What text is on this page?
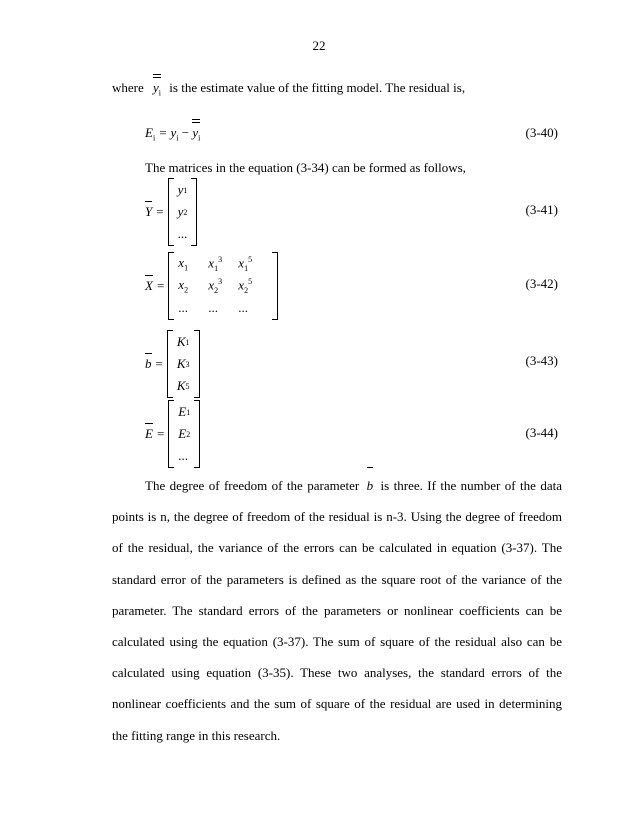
22
where $y_i$ is the estimate value of the fitting model. The residual is,
$E_i = y_i - y_i$	(3-40)
The matrices in the equation (3-34) can be formed as follows,
Y =
y 1
y 2
...
(3-41)
X =
$x_1$	$x_1^3$	$x_1^5$
$x_2$	$x_2^3$	$x_2^5$
...	...	...
(3-42)
b =
K 1
K 3
K 5
(3-43)
E =
E 1
E 2
...
(3-44)
The degree of freedom of the parameter b is three. If the number of the data points is n, the degree of freedom of the residual is n-3. Using the degree of freedom of the residual, the variance of the errors can be calculated in equation (3-37). The standard error of the parameters is defined as the square root of the variance of the parameter. The standard errors of the parameters or nonlinear coefficients can be calculated using the equation (3-37). The sum of square of the residual also can be calculated using equation (3-35). These two analyses, the standard errors of the nonlinear coefficients and the sum of square of the residual are used in determining the fitting range in this research.
